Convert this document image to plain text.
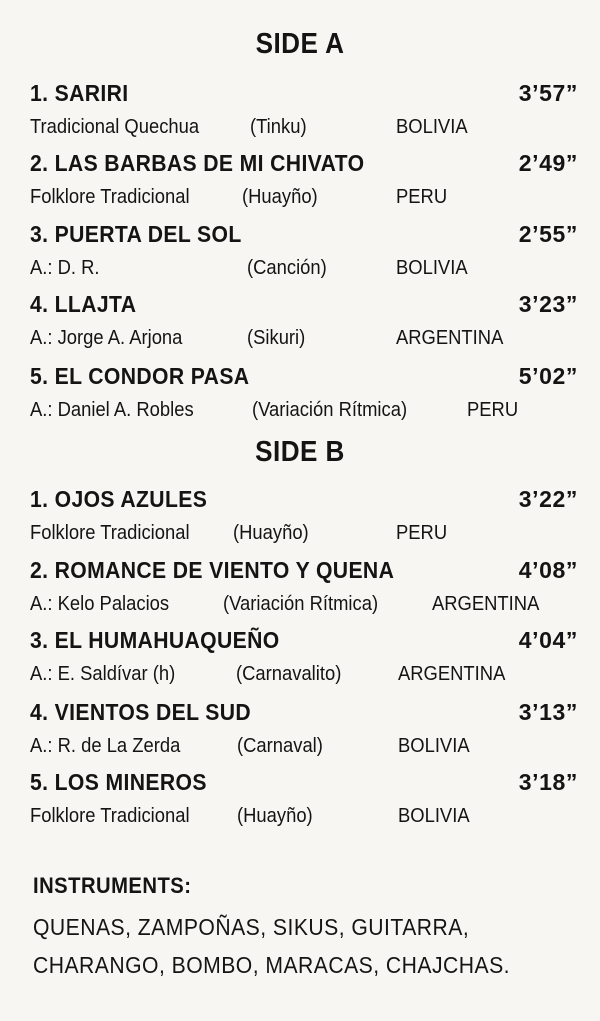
SIDE A
1. SARIRI	3’57”
Tradicional Quechua	(Tinku)	BOLIVIA
2. LAS BARBAS DE MI CHIVATO	2’49”
Folklore Tradicional	(Huayño)	PERU
3. PUERTA DEL SOL	2’55”
A.: D. R.	(Canción)	BOLIVIA
4. LLAJTA	3’23”
A.: Jorge A. Arjona	(Sikuri)	ARGENTINA
5. EL CONDOR PASA	5’02”
A.: Daniel A. Robles	(Variación Rítmica)	PERU
SIDE B
1. OJOS AZULES	3’22”
Folklore Tradicional (Huayño)	PERU
2. ROMANCE DE VIENTO Y QUENA	4’08”
A.: Kelo Palacios	(Variación Rítmica)	ARGENTINA
3. EL HUMAHUAQUEÑO	4’04”
A.: E. Saldívar (h)	(Carnavalito)	ARGENTINA
4. VIENTOS DEL SUD	3’13”
A.: R. de La Zerda	(Carnaval)	BOLIVIA
5. LOS MINEROS	3’18”
Folklore Tradicional (Huayño)	BOLIVIA
INSTRUMENTS:
QUENAS, ZAMPOÑAS, SIKUS, GUITARRA,
CHARANGO, BOMBO, MARACAS, CHAJCHAS.
